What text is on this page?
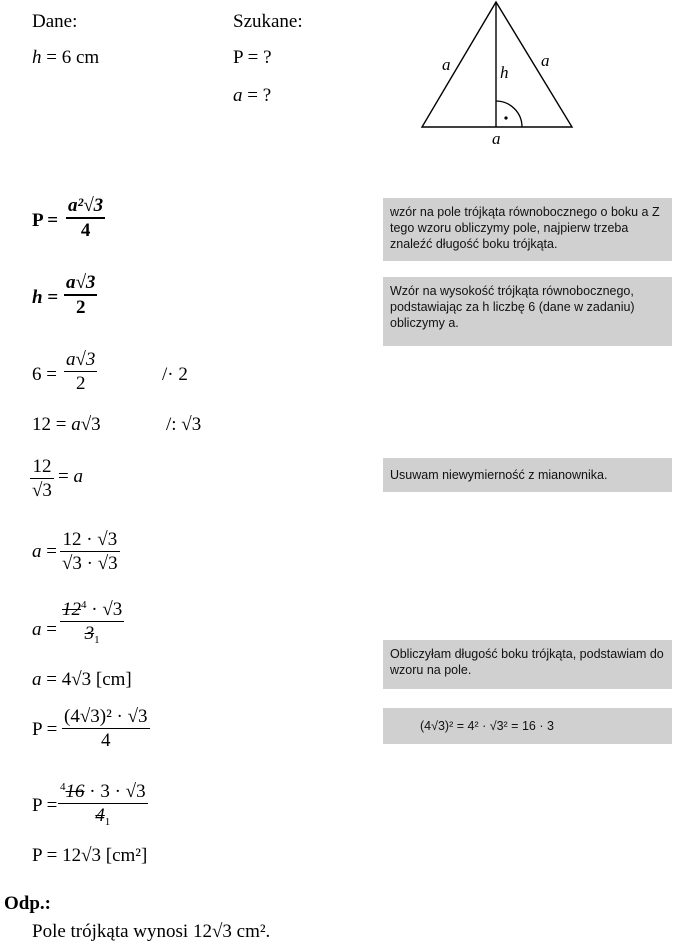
Dane:
h = 6 cm
Szukane:
P = ?
a = ?
a	a
h
a
$P = \frac{\text{a²√3}}{4}$
$h = \frac{a√3}{2}$
$6 = \frac{a√3}{2}$	/· 2
12 = a√3	/: √3
$\frac{12}{√3} = a$
$a = \frac{12 \cdot √3}{√3 \cdot √3}$
$a = \frac{12^4 \cdot √3}{3_1}$
a = 4√3 [cm]
$P = \frac{\text{(4√3)² · √3}}{4}$
$P = \frac{^416 \cdot 3 \cdot √3}{4_1}$
P = 12√3 [cm²]
Odp.:
Pole trójkąta wynosi 12√3 cm².
wzór na pole trójkąta równobocznego o boku a Z tego wzoru obliczymy pole, najpierw trzeba znaleźć długość boku trójkąta.
Wzór na wysokość trójkąta równobocznego, podstawiając za h liczbę 6 (dane w zadaniu) obliczymy a.
Usuwam niewymierność z mianownika.
Obliczyłam długość boku trójkąta, podstawiam do wzoru na pole.
(4√3)² = 4² · √3² = 16 · 3
